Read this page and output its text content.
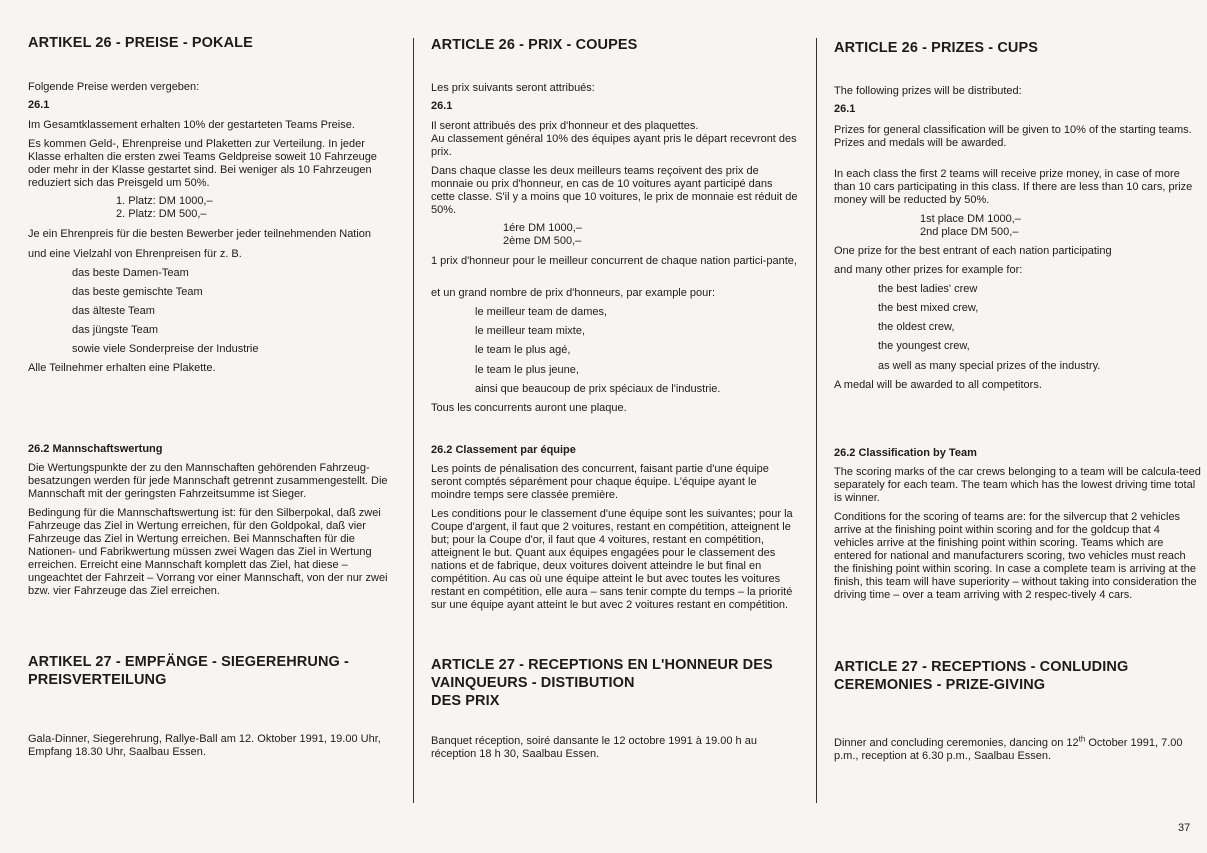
ARTIKEL 26 - PREISE - POKALE

Folgende Preise werden vergeben:

26.1

Im Gesamtklassement erhalten 10% der gestarteten Teams Preise.

Es kommen Geld-, Ehrenpreise und Plaketten zur Verteilung. In jeder Klasse erhalten die ersten zwei Teams Geldpreise soweit 10 Fahrzeuge oder mehr in der Klasse gestartet sind. Bei weniger als 10 Fahrzeugen reduziert sich das Preisgeld um 50%.

1. Platz: DM 1000,–

2. Platz: DM 500,–

Je ein Ehrenpreis für die besten Bewerber jeder teilnehmenden Nation

und eine Vielzahl von Ehrenpreisen für z. B.

das beste Damen-Team

das beste gemischte Team

das älteste Team

das jüngste Team

sowie viele Sonderpreise der Industrie

Alle Teilnehmer erhalten eine Plakette.

26.2 Mannschaftswertung

Die Wertungspunkte der zu den Mannschaften gehörenden Fahrzeug-besatzungen werden für jede Mannschaft getrennt zusammengestellt. Die Mannschaft mit der geringsten Fahrzeitsumme ist Sieger.

Bedingung für die Mannschaftswertung ist: für den Silberpokal, daß zwei Fahrzeuge das Ziel in Wertung erreichen, für den Goldpokal, daß vier Fahrzeuge das Ziel in Wertung erreichen. Bei Mannschaften für die Nationen- und Fabrikwertung müssen zwei Wagen das Ziel in Wertung erreichen. Erreicht eine Mannschaft komplett das Ziel, hat diese – ungeachtet der Fahrzeit – Vorrang vor einer Mannschaft, von der nur zwei bzw. vier Fahrzeuge das Ziel erreichen.

ARTIKEL 27 - EMPFÄNGE - SIEGEREHRUNG -
PREISVERTEILUNG

Gala-Dinner, Siegerehrung, Rallye-Ball am 12. Oktober 1991, 19.00 Uhr, Empfang 18.30 Uhr, Saalbau Essen.

ARTICLE 26 - PRIX - COUPES

Les prix suivants seront attribués:

26.1

Il seront attribués des prix d'honneur et des plaquettes.
Au classement général 10% des équipes ayant pris le départ recevront des prix.

Dans chaque classe les deux meilleurs teams reçoivent des prix de monnaie ou prix d'honneur, en cas de 10 voitures ayant participé dans cette classe. S'il y a moins que 10 voitures, le prix de monnaie est réduit de 50%.

1ére DM 1000,–

2ème DM 500,–

1 prix d'honneur pour le meilleur concurrent de chaque nation partici-pante,

et un grand nombre de prix d'honneurs, par example pour:

le meilleur team de dames,

le meilleur team mixte,

le team le plus agé,

le team le plus jeune,

ainsi que beaucoup de prix spéciaux de l'industrie.

Tous les concurrents auront une plaque.

26.2 Classement par équipe

Les points de pénalisation des concurrent, faisant partie d'une équipe seront comptés séparément pour chaque équipe. L'équipe ayant le moindre temps sere classée première.

Les conditions pour le classement d'une équipe sont les suivantes; pour la Coupe d'argent, il faut que 2 voitures, restant en compétition, atteignent le but; pour la Coupe d'or, il faut que 4 voitures, restant en compétition, atteignent le but. Quant aux équipes engagées pour le classement des nations et de fabrique, deux voitures doivent atteindre le but final en compétition. Au cas où une équipe atteint le but avec toutes les voitures restant en compétition, elle aura – sans tenir compte du temps – la priorité sur une équipe ayant atteint le but avec 2 voitures restant en compétition.

ARTICLE 27 - RECEPTIONS EN L'HONNEUR DES
VAINQUEURS - DISTIBUTION
DES PRIX

Banquet réception, soiré dansante le 12 octobre 1991 à 19.00 h au réception 18 h 30, Saalbau Essen.

ARTICLE 26 - PRIZES - CUPS

The following prizes will be distributed:

26.1

Prizes for general classification will be given to 10% of the starting teams.
Prizes and medals will be awarded.

In each class the first 2 teams will receive prize money, in case of more than 10 cars participating in this class. If there are less than 10 cars, prize money will be reducted by 50%.

1st place DM 1000,–

2nd place DM 500,–

One prize for the best entrant of each nation participating

and many other prizes for example for:

the best ladies' crew

the best mixed crew,

the oldest crew,

the youngest crew,

as well as many special prizes of the industry.

A medal will be awarded to all competitors.

26.2 Classification by Team

The scoring marks of the car crews belonging to a team will be calcula-teed separately for each team. The team which has the lowest driving time total is winner.

Conditions for the scoring of teams are: for the silvercup that 2 vehicles arrive at the finishing point within scoring and for the goldcup that 4 vehicles arrive at the finishing point within scoring. Teams which are entered for national and manufacturers scoring, two vehicles must reach the finishing point within scoring. In case a complete team is arriving at the finish, this team will have superiority – without taking into consideration the driving time – over a team arriving with 2 respec-tively 4 cars.

ARTICLE 27 - RECEPTIONS - CONLUDING
CEREMONIES - PRIZE-GIVING

Dinner and concluding ceremonies, dancing on 12th October 1991, 7.00 p.m., reception at 6.30 p.m., Saalbau Essen.

37
